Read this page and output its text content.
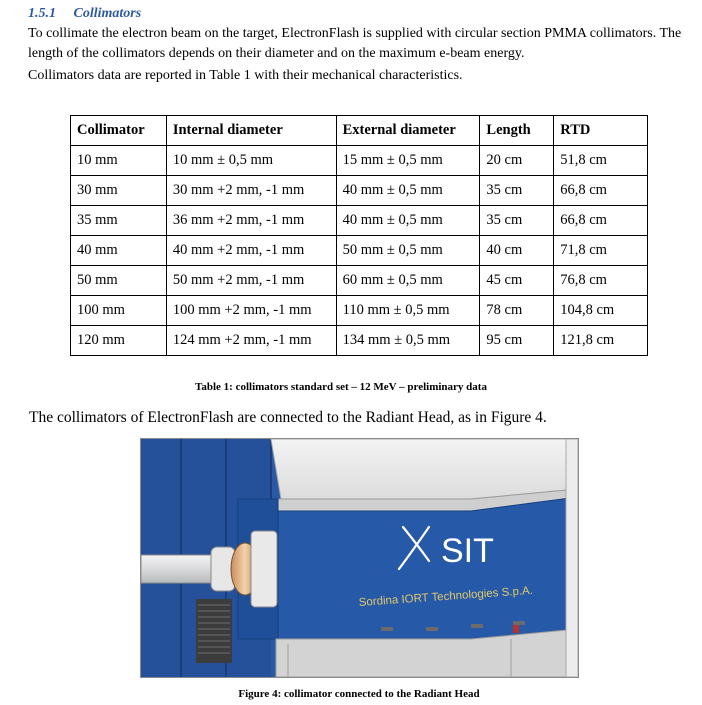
1.5.1 Collimators

To collimate the electron beam on the target, ElectronFlash is supplied with circular section PMMA collimators. The length of the collimators depends on their diameter and on the maximum e-beam energy.

Collimators data are reported in Table 1 with their mechanical characteristics.

Collimator	Internal diameter	External diameter	Length	RTD
10 mm	10 mm ± 0,5 mm	15 mm ± 0,5 mm	20 cm	51,8 cm
30 mm	30 mm +2 mm, -1 mm	40 mm ± 0,5 mm	35 cm	66,8 cm
35 mm	36 mm +2 mm, -1 mm	40 mm ± 0,5 mm	35 cm	66,8 cm
40 mm	40 mm +2 mm, -1 mm	50 mm ± 0,5 mm	40 cm	71,8 cm
50 mm	50 mm +2 mm, -1 mm	60 mm ± 0,5 mm	45 cm	76,8 cm
100 mm	100 mm +2 mm, -1 mm	110 mm ± 0,5 mm	78 cm	104,8 cm
120 mm	124 mm +2 mm, -1 mm	134 mm ± 0,5 mm	95 cm	121,8 cm

Table 1: collimators standard set – 12 MeV – preliminary data

The collimators of ElectronFlash are connected to the Radiant Head, as in Figure 4.

SIT
Sordina IORT Technologies S.p.A.

Figure 4: collimator connected to the Radiant Head
